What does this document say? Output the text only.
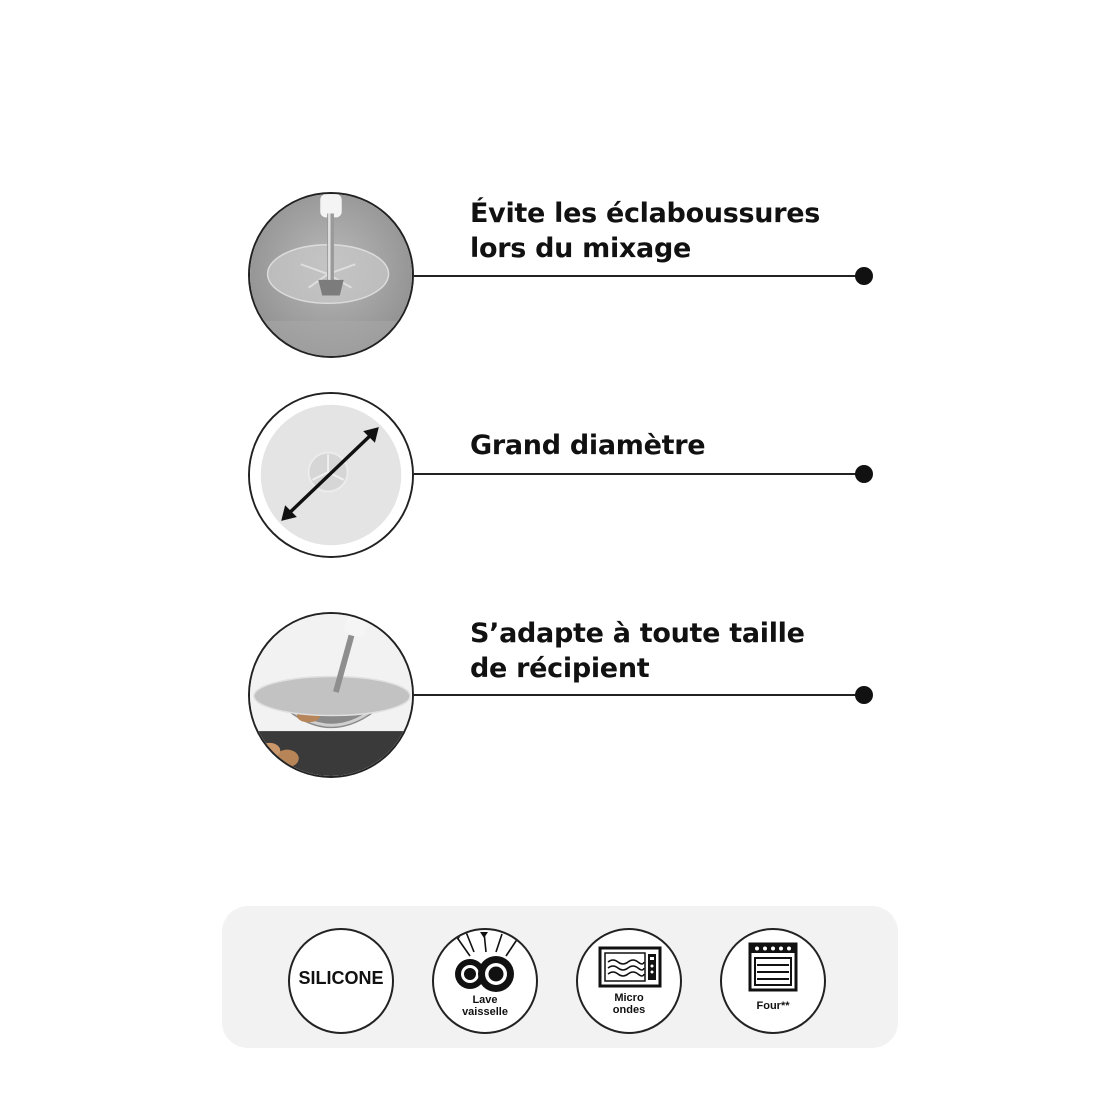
Évite les éclaboussures
lors du mixage
Grand diamètre
S’adapte à toute taille
de récipient
SILICONE
Lave
vaisselle
Micro
ondes	Four**
